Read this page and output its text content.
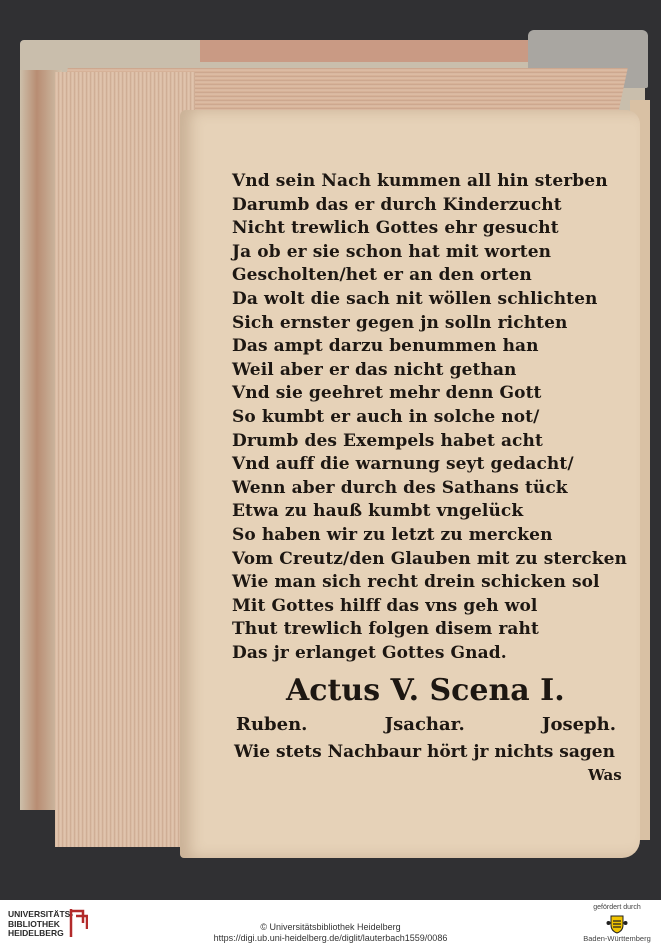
Vnd sein Nach kummen all hin sterben
Darumb das er durch Kinderzucht
Nicht trewlich Gottes ehr gesucht
Ja ob er sie schon hat mit worten
Gescholten/het er an den orten
Da wolt die sach nit wöllen schlichten
Sich ernster gegen jn solln richten
Das ampt darzu benummen han
Weil aber er das nicht gethan
Vnd sie geehret mehr denn Gott
So kumbt er auch in solche not/
Drumb des Exempels habet acht
Vnd auff die warnung seyt gedacht/
Wenn aber durch des Sathans tück
Etwa zu hauß kumbt vngelück
So haben wir zu letzt zu mercken
Vom Creutz/den Glauben mit zu stercken
Wie man sich recht drein schicken sol
Mit Gottes hilff das vns geh wol
Thut trewlich folgen disem raht
Das jr erlanget Gottes Gnad.
Actus V. Scena I.
Ruben.	Jsachar.	Joseph.
Wie stets Nachbaur hört jr nichts sagen
Was
UNIVERSITÄTS-
BIBLIOTHEK
HEIDELBERG
© Universitätsbibliothek Heidelberg
https://digi.ub.uni-heidelberg.de/diglit/lauterbach1559/0086
gefördert durch
Baden-Württemberg
